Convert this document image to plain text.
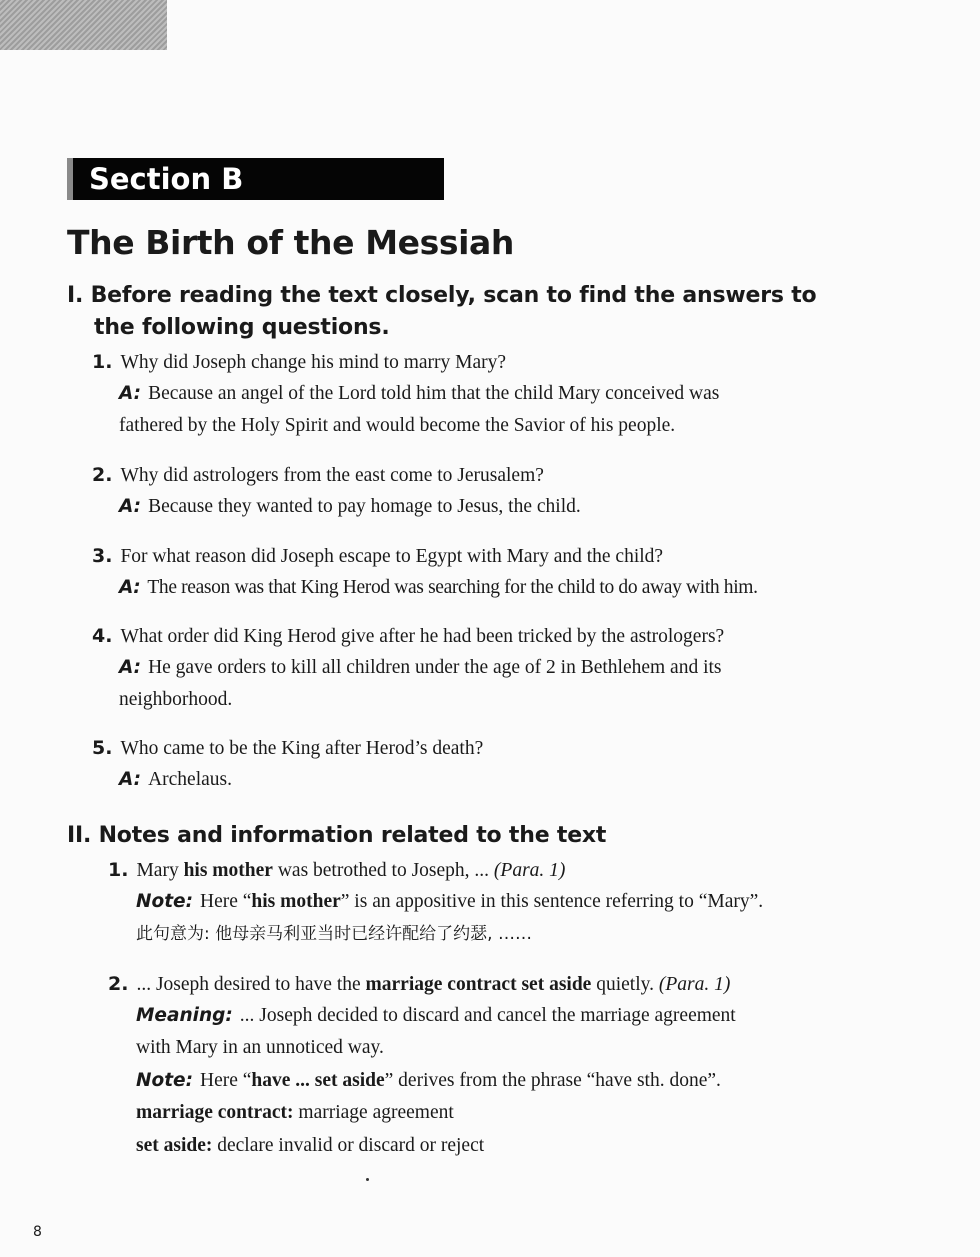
Section B
The Birth of the Messiah
I. Before reading the text closely, scan to find the answers to
the following questions.
1. Why did Joseph change his mind to marry Mary?
A: Because an angel of the Lord told him that the child Mary conceived was
fathered by the Holy Spirit and would become the Savior of his people.
2. Why did astrologers from the east come to Jerusalem?
A: Because they wanted to pay homage to Jesus, the child.
3. For what reason did Joseph escape to Egypt with Mary and the child?
A: The reason was that King Herod was searching for the child to do away with him.
4. What order did King Herod give after he had been tricked by the astrologers?
A: He gave orders to kill all children under the age of 2 in Bethlehem and its
neighborhood.
5. Who came to be the King after Herod’s death?
A: Archelaus.
II. Notes and information related to the text
1. Mary his mother was betrothed to Joseph, ... (Para. 1)
Note: Here “his mother” is an appositive in this sentence referring to “Mary”.
此句意为: 他母亲马利亚当时已经许配给了约瑟, ……
2. ... Joseph desired to have the marriage contract set aside quietly. (Para. 1)
Meaning: ... Joseph decided to discard and cancel the marriage agreement
with Mary in an unnoticed way.
Note: Here “have ... set aside” derives from the phrase “have sth. done”.
marriage contract: marriage agreement
set aside: declare invalid or discard or reject
8
